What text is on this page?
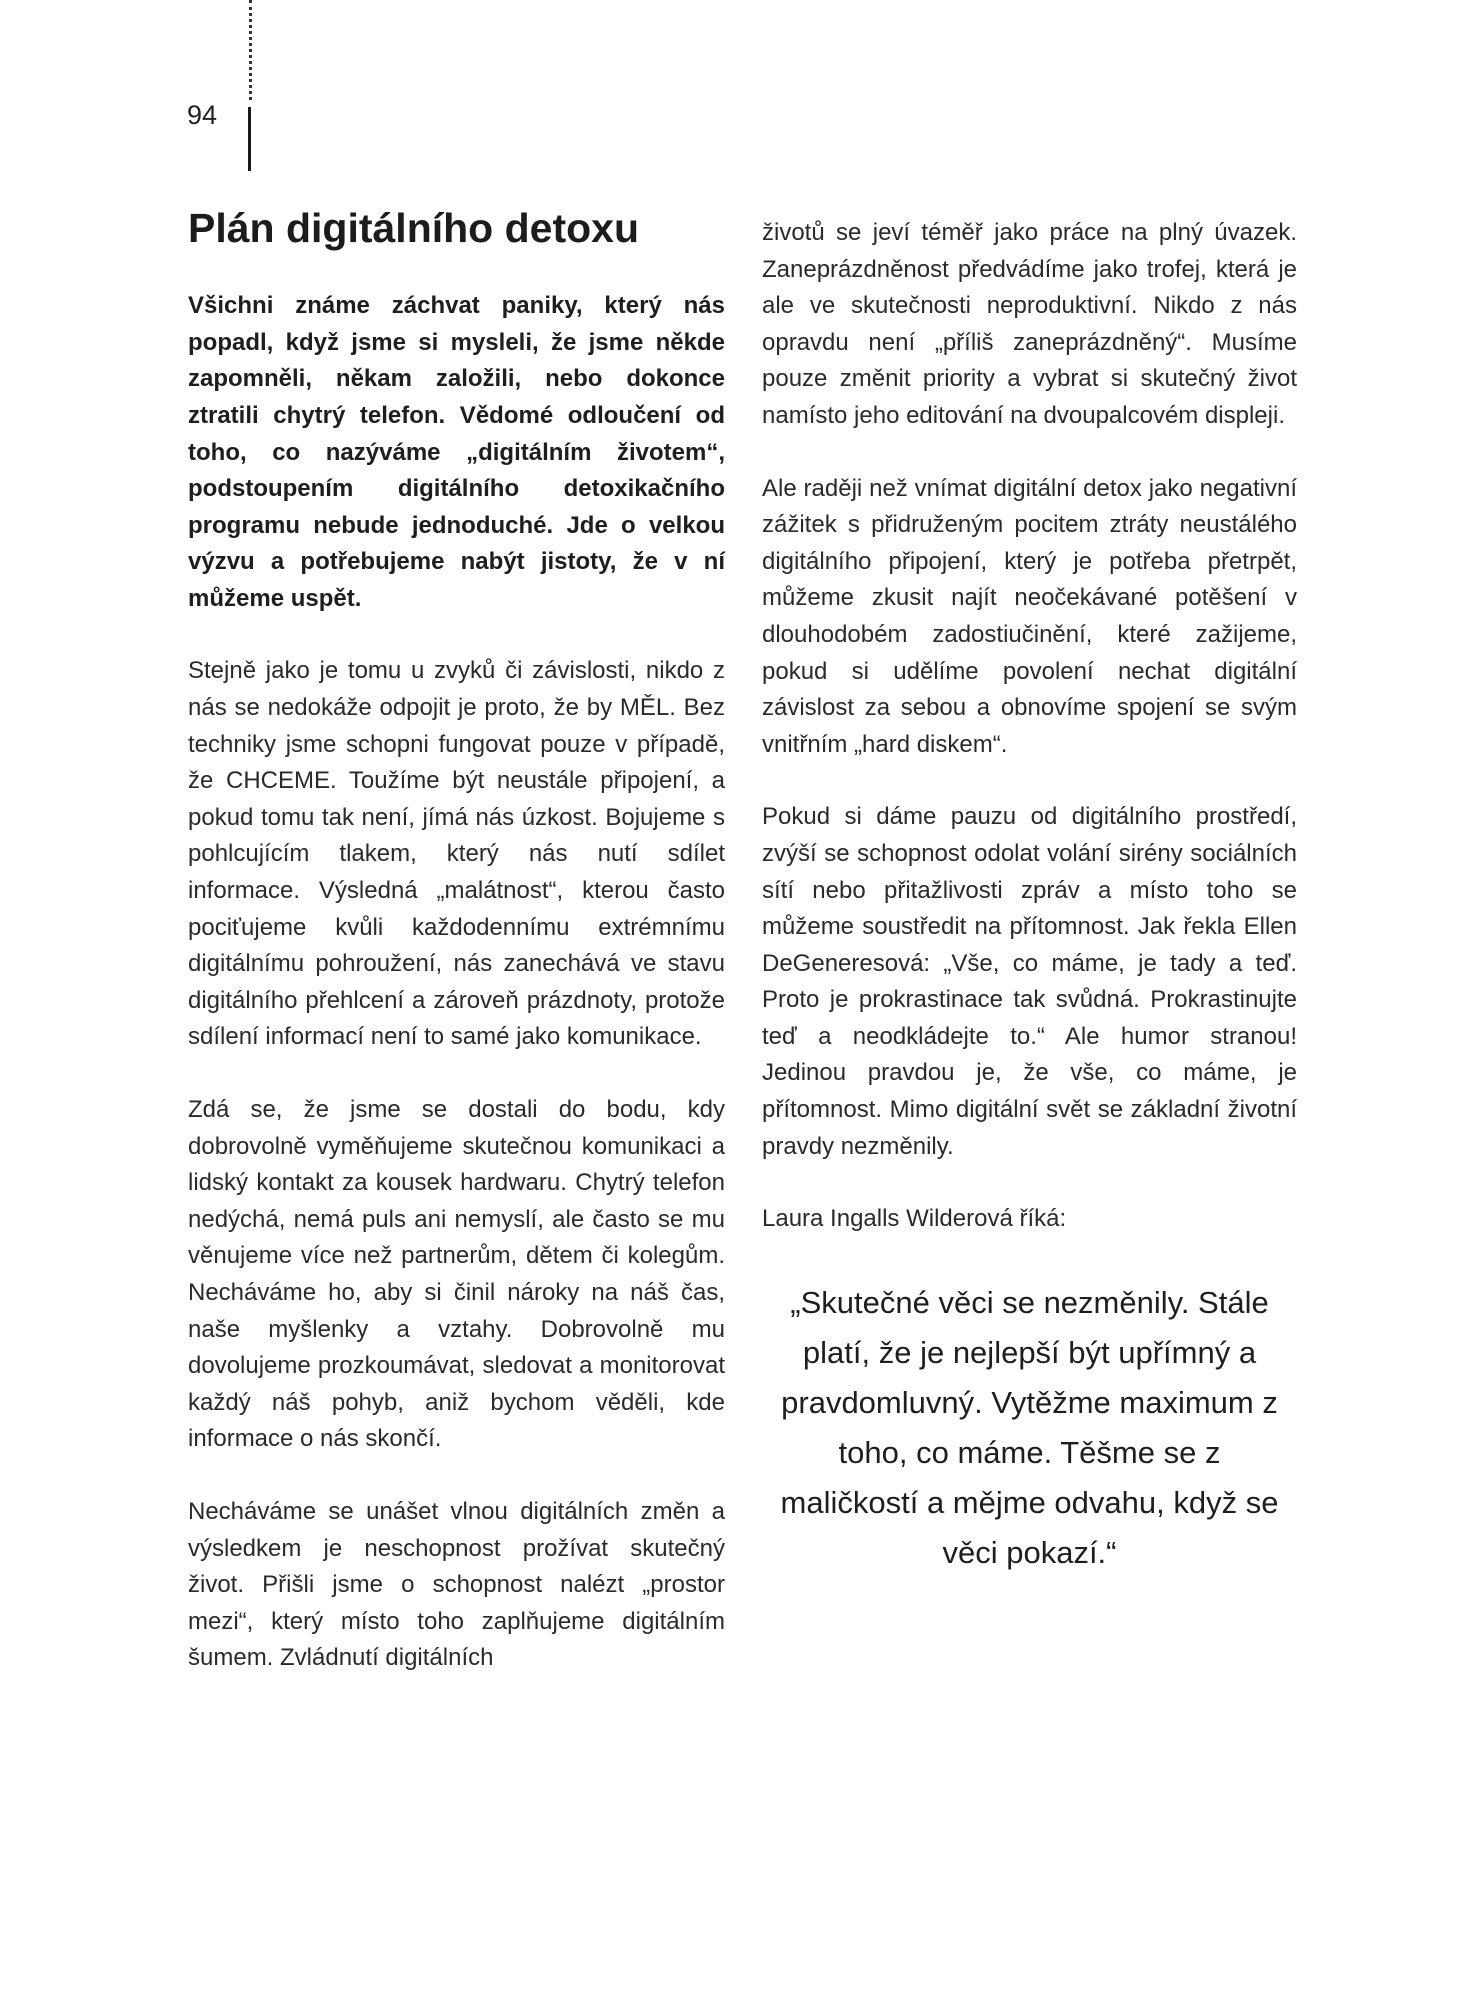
94

Plán digitálního detoxu

Všichni známe záchvat paniky, který nás popadl, když jsme si mysleli, že jsme někde zapomněli, někam založili, nebo dokonce ztratili chytrý telefon. Vědomé odloučení od toho, co nazýváme „digitálním životem“, podstoupením digitálního detoxikačního programu nebude jednoduché. Jde o velkou výzvu a potřebujeme nabýt jistoty, že v ní můžeme uspět.

Stejně jako je tomu u zvyků či závislosti, nikdo z nás se nedokáže odpojit je proto, že by MĚL. Bez techniky jsme schopni fungovat pouze v případě, že CHCEME. Toužíme být neustále připojení, a pokud tomu tak není, jímá nás úzkost. Bojujeme s pohlcujícím tlakem, který nás nutí sdílet informace. Výsledná „malátnost“, kterou často pociťujeme kvůli každodennímu extrémnímu digitálnímu pohroužení, nás zanechává ve stavu digitálního přehlcení a zároveň prázdnoty, protože sdílení informací není to samé jako komunikace.

Zdá se, že jsme se dostali do bodu, kdy dobrovolně vyměňujeme skutečnou komunikaci a lidský kontakt za kousek hardwaru. Chytrý telefon nedýchá, nemá puls ani nemyslí, ale často se mu věnujeme více než partnerům, dětem či kolegům. Necháváme ho, aby si činil nároky na náš čas, naše myšlenky a vztahy. Dobrovolně mu dovolujeme prozkoumávat, sledovat a monitorovat každý náš pohyb, aniž bychom věděli, kde informace o nás skončí.

Necháváme se unášet vlnou digitálních změn a výsledkem je neschopnost prožívat skutečný život. Přišli jsme o schopnost nalézt „prostor mezi“, který místo toho zaplňujeme digitálním šumem. Zvládnutí digitálních

životů se jeví téměř jako práce na plný úvazek. Zaneprázdněnost předvádíme jako trofej, která je ale ve skutečnosti neproduktivní. Nikdo z nás opravdu není „příliš zaneprázdněný“. Musíme pouze změnit priority a vybrat si skutečný život namísto jeho editování na dvoupalcovém displeji.

Ale raději než vnímat digitální detox jako negativní zážitek s přidruženým pocitem ztráty neustálého digitálního připojení, který je potřeba přetrpět, můžeme zkusit najít neočekávané potěšení v dlouhodobém zadostiučinění, které zažijeme, pokud si udělíme povolení nechat digitální závislost za sebou a obnovíme spojení se svým vnitřním „hard diskem“.

Pokud si dáme pauzu od digitálního prostředí, zvýší se schopnost odolat volání sirény sociálních sítí nebo přitažlivosti zpráv a místo toho se můžeme soustředit na přítomnost. Jak řekla Ellen DeGeneresová: „Vše, co máme, je tady a teď. Proto je prokrastinace tak svůdná. Prokrastinujte teď a neodkládejte to.“ Ale humor stranou! Jedinou pravdou je, že vše, co máme, je přítomnost. Mimo digitální svět se základní životní pravdy nezměnily.

Laura Ingalls Wilderová říká:

„Skutečné věci se nezměnily. Stále platí, že je nejlepší být upřímný a pravdomluvný. Vytěžme maximum z toho, co máme. Těšme se z maličkostí a mějme odvahu, když se věci pokazí.“
